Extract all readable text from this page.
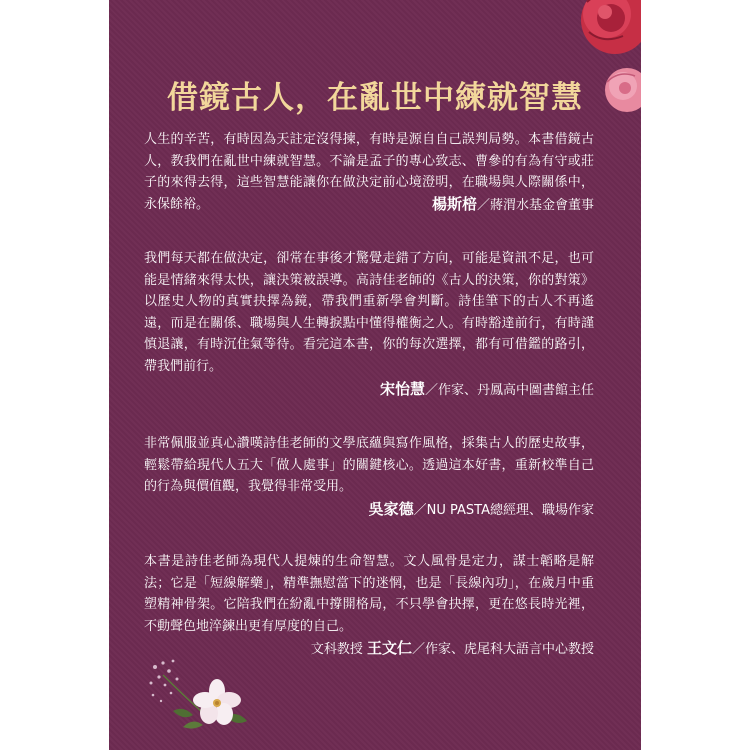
借鏡古人，在亂世中練就智慧

人生的辛苦，有時因為天註定沒得揀，有時是源自自己誤判局勢。本書借鏡古人，教我們在亂世中練就智慧。不論是孟子的專心致志、曹參的有為有守或莊子的來得去得，這些智慧能讓你在做決定前心境澄明，在職場與人際關係中，永保餘裕。	楊斯棓／蔣渭水基金會董事

我們每天都在做決定，卻常在事後才驚覺走錯了方向，可能是資訊不足，也可能是情緒來得太快，讓決策被誤導。高詩佳老師的《古人的決策，你的對策》以歷史人物的真實抉擇為鏡，帶我們重新學會判斷。詩佳筆下的古人不再遙遠，而是在關係、職場與人生轉捩點中懂得權衡之人。有時豁達前行，有時謹慎退讓，有時沉住氣等待。看完這本書，你的每次選擇，都有可借鑑的路引，帶我們前行。

宋怡慧／作家、丹鳳高中圖書館主任

非常佩服並真心讚嘆詩佳老師的文學底蘊與寫作風格，採集古人的歷史故事，輕鬆帶給現代人五大「做人處事」的關鍵核心。透過這本好書，重新校準自己的行為與價值觀，我覺得非常受用。

吳家德／NU PASTA總經理、職場作家

本書是詩佳老師為現代人提煉的生命智慧。文人風骨是定力，謀士韜略是解法；它是「短線解藥」，精準撫慰當下的迷惘，也是「長線內功」，在歲月中重塑精神骨架。它陪我們在紛亂中撐開格局，不只學會抉擇，更在悠長時光裡，不動聲色地淬鍊出更有厚度的自己。

文科教授 王文仁／作家、虎尾科大語言中心教授
